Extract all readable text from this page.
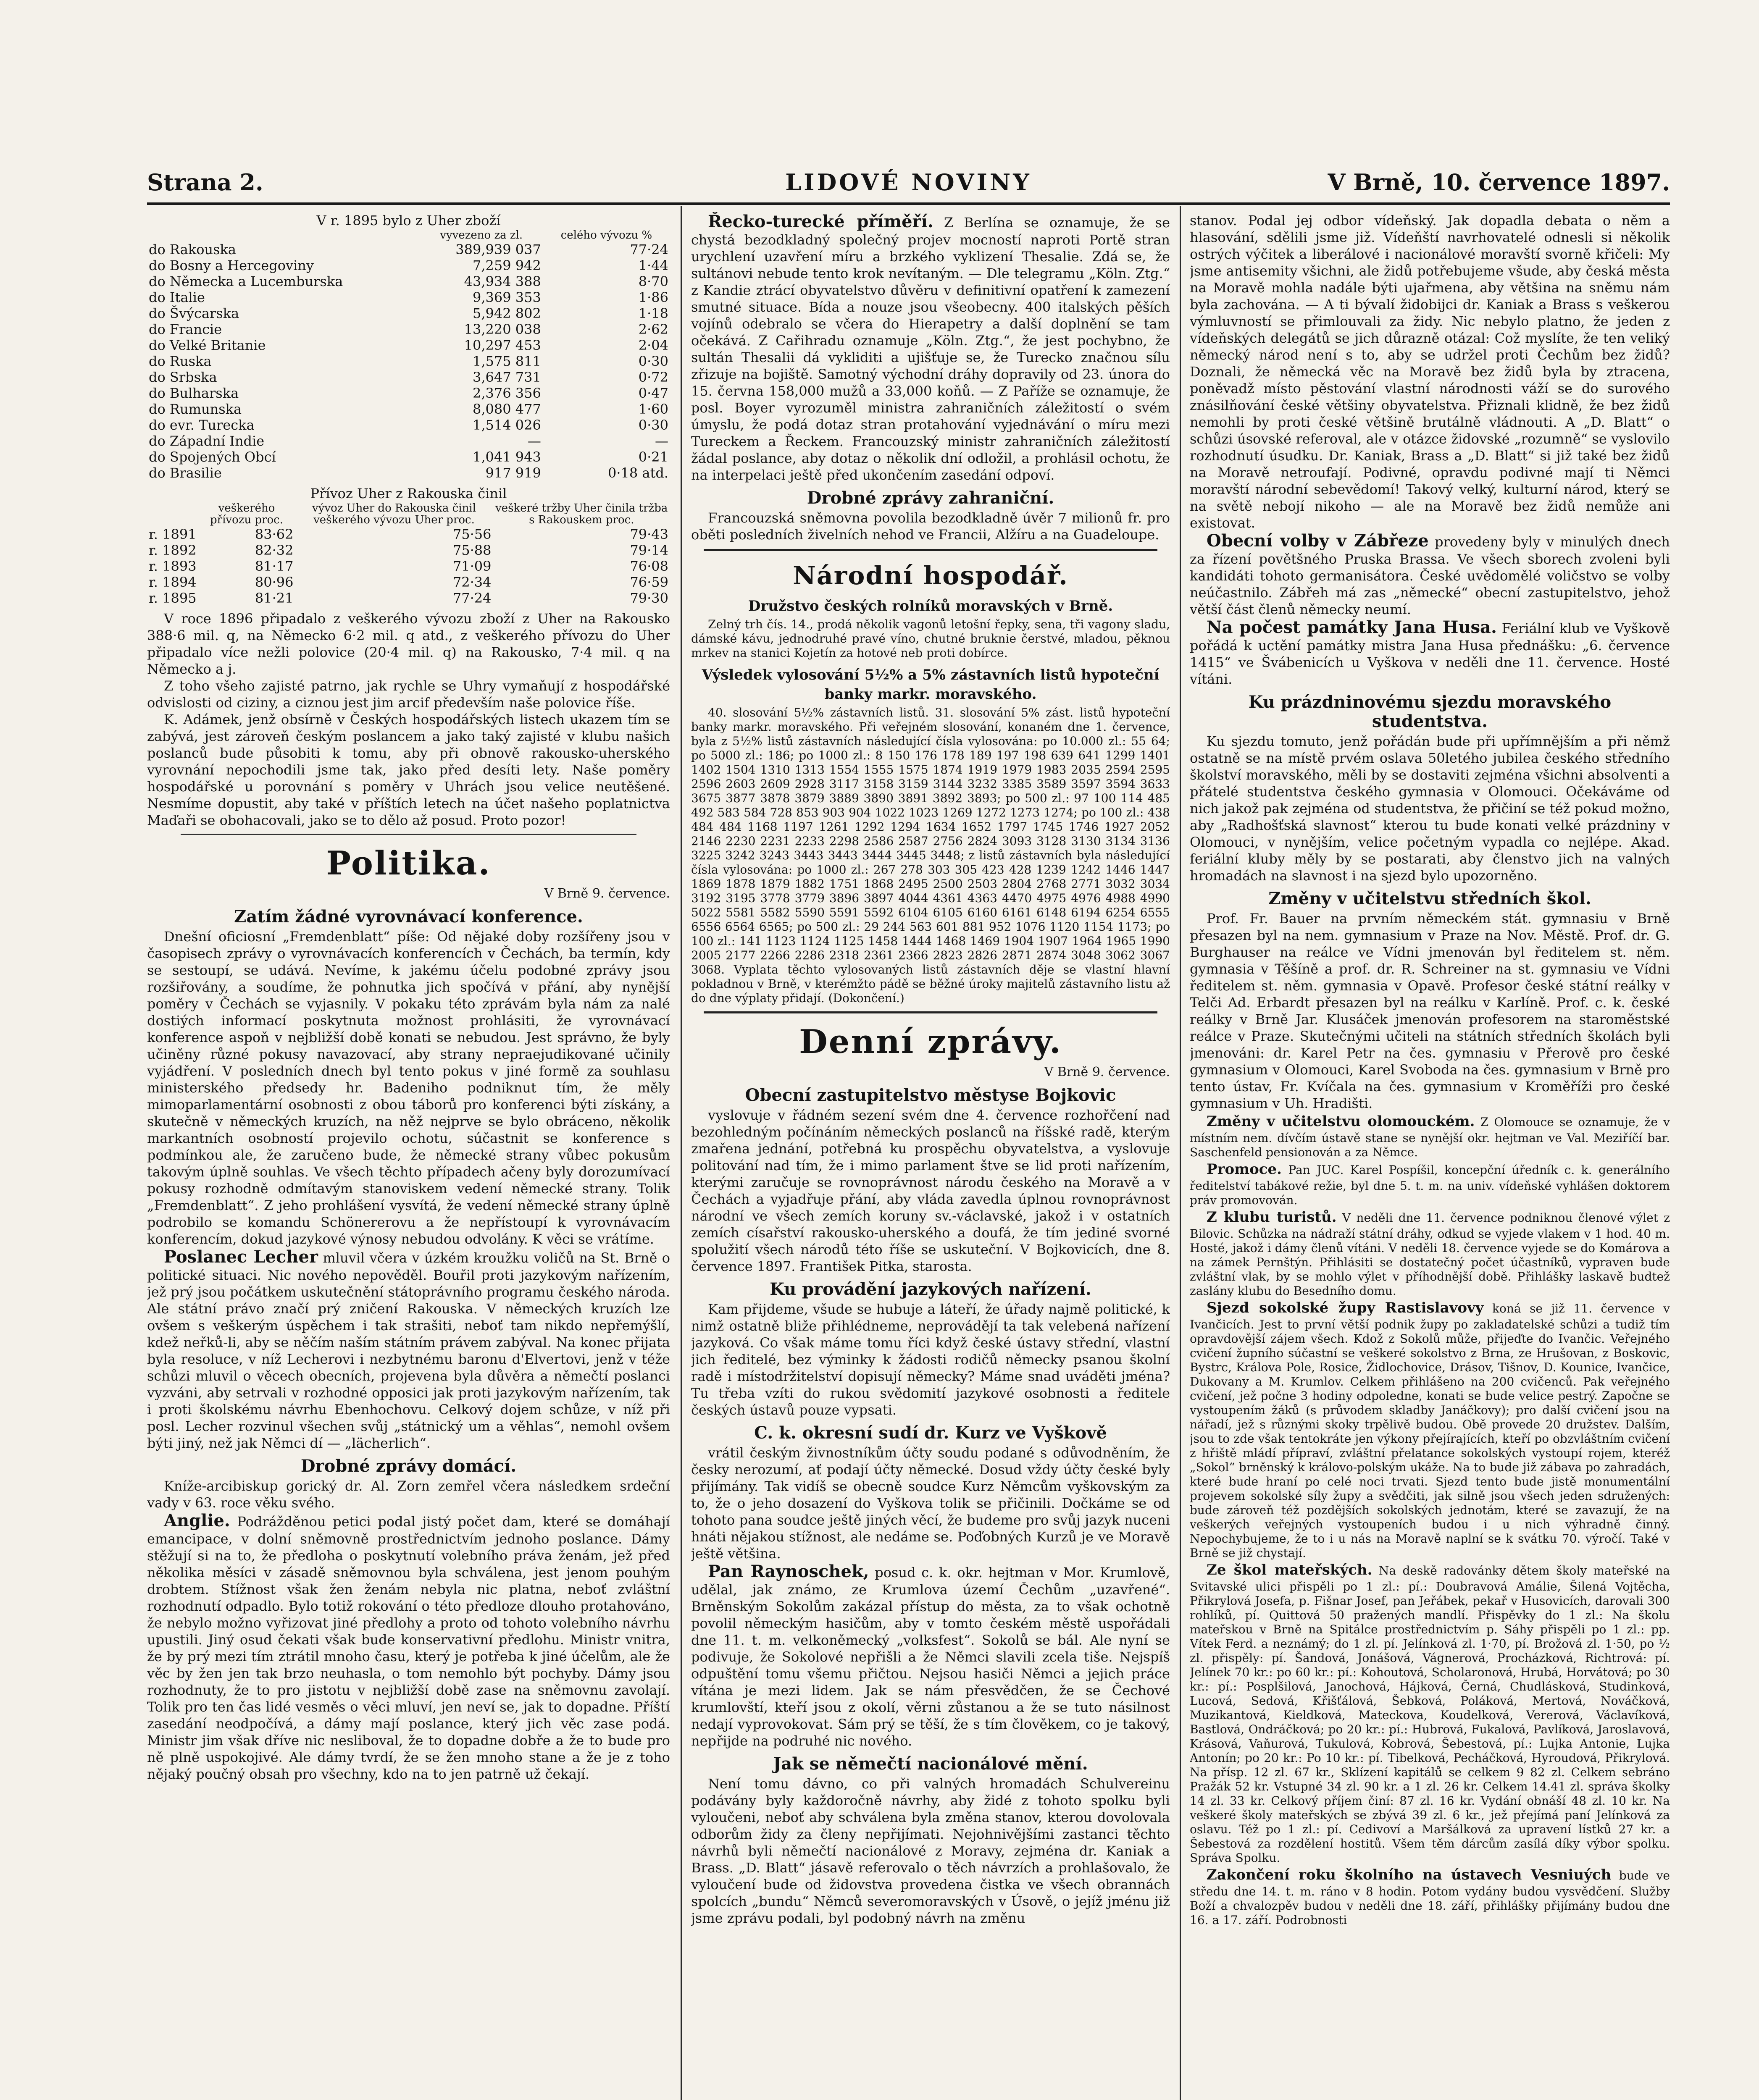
Strana 2.	LIDOVÉ NOVINY	V Brně, 10. července 1897.

V r. 1895 bylo z Uher zboží

	vyvezeno za zl.	celého vývozu %
do Rakouska	389,939 037	77·24
do Bosny a Hercegoviny	7,259 942	1·44
do Německa a Lucemburska	43,934 388	8·70
do Italie	9,369 353	1·86
do Švýcarska	5,942 802	1·18
do Francie	13,220 038	2·62
do Velké Britanie	10,297 453	2·04
do Ruska	1,575 811	0·30
do Srbska	3,647 731	0·72
do Bulharska	2,376 356	0·47
do Rumunska	8,080 477	1·60
do evr. Turecka	1,514 026	0·30
do Západní Indie	—	—
do Spojených Obcí	1,041 943	0·21
do Brasilie	917 919	0·18 atd.

Přívoz Uher z Rakouska činil

	veškerého přívozu proc.	vývoz Uher do Rakouska činil veškerého vývozu Uher proc.	veškeré tržby Uher činila tržba s Rakouskem proc.
r. 1891	83·62	75·56	79·43
r. 1892	82·32	75·88	79·14
r. 1893	81·17	71·09	76·08
r. 1894	80·96	72·34	76·59
r. 1895	81·21	77·24	79·30

V roce 1896 připadalo z veškerého vývozu zboží z Uher na Rakousko 388·6 mil. q, na Německo 6·2 mil. q atd., z veškerého přívozu do Uher připadalo více nežli polovice (20·4 mil. q) na Rakousko, 7·4 mil. q na Německo a j.

Z toho všeho zajisté patrno, jak rychle se Uhry vymaňují z hospodářské odvislosti od ciziny, a ciznou jest jim arcif především naše polovice říše.

K. Adámek, jenž obsírně v Českých hospodářských listech ukazem tím se zabývá, jest zároveň českým poslancem a jako taký zajisté v klubu našich poslanců bude působiti k tomu, aby při obnově rakousko-uherského vyrovnání nepochodili jsme tak, jako před desíti lety. Naše poměry hospodářské u porovnání s poměry v Uhrách jsou velice neutěšené. Nesmíme dopustit, aby také v příštích letech na účet našeho poplatnictva Maďaři se obohacovali, jako se to dělo až posud. Proto pozor!

Politika.
V Brně 9. července.
Zatím žádné vyrovnávací konference.

Dnešní oficiosní „Fremdenblatt“ píše: Od nějaké doby rozšířeny jsou v časopisech zprávy o vyrovnávacích konferencích v Čechách, ba termín, kdy se sestoupí, se udává. Nevíme, k jakému účelu podobné zprávy jsou rozšiřovány, a soudíme, že pohnutka jich spočívá v přání, aby nynější poměry v Čechách se vyjasnily. V pokaku této zprávám byla nám za nalé dostiých informací poskytnuta možnost prohlásiti, že vyrovnávací konference aspoň v nejbližší době konati se nebudou. Jest správno, že byly učiněny různé pokusy navazovací, aby strany nepraejudikované učinily vyjádření. V posledních dnech byl tento pokus v jiné formě za souhlasu ministerského předsedy hr. Badeniho podniknut tím, že měly mimoparlamentární osobnosti z obou táborů pro konferenci býti získány, a skutečně v německých kruzích, na něž nejprve se bylo obráceno, několik markantních osobností projevilo ochotu, súčastnit se konference s podmínkou ale, že zaručeno bude, že německé strany vůbec pokusům takovým úplně souhlas. Ve všech těchto případech ačeny byly dorozumívací pokusy rozhodně odmítavým stanoviskem vedení německé strany. Tolik „Fremdenblatt“. Z jeho prohlášení vysvítá, že vedení německé strany úplně podrobilo se komandu Schönererovu a že nepřístoupí k vyrovnávacím konferencím, dokud jazykové výnosy nebudou odvolány. K věci se vrátíme.

Poslanec Lecher mluvil včera v úzkém kroužku voličů na St. Brně o politické situaci. Nic nového nepověděl. Bouřil proti jazykovým nařízením, jež prý jsou počátkem uskutečnění státoprávního programu českého národa. Ale státní právo značí prý zničení Rakouska. V německých kruzích lze ovšem s veškerým úspěchem i tak strašiti, neboť tam nikdo nepřemýšlí, kdež neřků-li, aby se něčím naším státním právem zabýval. Na konec přijata byla resoluce, v níž Lecherovi i nezbytnému baronu d'Elvertovi, jenž v téže schůzi mluvil o věcech obecních, projevena byla důvěra a němečtí poslanci vyzváni, aby setrvali v rozhodné opposici jak proti jazykovým nařízením, tak i proti školskému návrhu Ebenhochovu. Celkový dojem schůze, v níž při posl. Lecher rozvinul všechen svůj „státnický um a věhlas“, nemohl ovšem býti jiný, než jak Němci dí — „lächerlich“.

Drobné zprávy domácí.

Kníže-arcibiskup gorický dr. Al. Zorn zemřel včera následkem srdeční vady v 63. roce věku svého.

Anglie. Podrážděnou petici podal jistý počet dam, které se domáhají emancipace, v dolní sněmovně prostřednictvím jednoho poslance. Dámy stěžují si na to, že předloha o poskytnutí volebního práva ženám, jež před několika měsíci v zásadě sněmovnou byla schválena, jest jenom pouhým drobtem. Stížnost však žen ženám nebyla nic platna, neboť zvláštní rozhodnutí odpadlo. Bylo totiž rokování o této předloze dlouho protahováno, že nebylo možno vyřizovat jiné předlohy a proto od tohoto volebního návrhu upustili. Jiný osud čekati však bude konservativní předlohu. Ministr vnitra, že by prý mezi tím ztrátil mnoho času, který je potřeba k jiné účelům, ale že věc by žen jen tak brzo neuhasla, o tom nemohlo být pochyby. Dámy jsou rozhodnuty, že to pro jistotu v nejbližší době zase na sněmovnu zavolají. Tolik pro ten čas lidé vesměs o věci mluví, jen neví se, jak to dopadne. Příští zasedání neodpočívá, a dámy mají poslance, který jich věc zase podá. Ministr jim však dříve nic nesliboval, že to dopadne dobře a že to bude pro ně plně uspokojivé. Ale dámy tvrdí, že se žen mnoho stane a že je z toho nějaký poučný obsah pro všechny, kdo na to jen patrně už čekají.

Řecko-turecké příměří. Z Berlína se oznamuje, že se chystá bezodkladný společný projev mocností naproti Portě stran urychlení uzavření míru a brzkého vyklizení Thesalie. Zdá se, že sultánovi nebude tento krok nevítaným. — Dle telegramu „Köln. Ztg.“ z Kandie ztrácí obyvatelstvo důvěru v definitivní opatření k zamezení smutné situace. Bída a nouze jsou všeobecny. 400 italských pěších vojínů odebralo se včera do Hierapetry a další doplnění se tam očekává. Z Cařihradu oznamuje „Köln. Ztg.“, že jest pochybno, že sultán Thesalii dá vykliditi a ujišťuje se, že Turecko značnou sílu zřizuje na bojiště. Samotný východní dráhy dopravily od 23. února do 15. června 158,000 mužů a 33,000 koňů. — Z Paříže se oznamuje, že posl. Boyer vyrozuměl ministra zahraničních záležitostí o svém úmyslu, že podá dotaz stran protahování vyjednávání o míru mezi Tureckem a Řeckem. Francouzský ministr zahraničních záležitostí žádal poslance, aby dotaz o několik dní odložil, a prohlásil ochotu, že na interpelaci ještě před ukončením zasedání odpoví.

Drobné zprávy zahraniční.

Francouzská sněmovna povolila bezodkladně úvěr 7 milionů fr. pro oběti posledních živelních nehod ve Francii, Alžíru a na Guadeloupe.

Národní hospodář.
Družstvo českých rolníků moravských v Brně.

Zelný trh čís. 14., prodá několik vagonů letošní řepky, sena, tři vagony sladu, dámské kávu, jednodruhé pravé víno, chutné bruknie čerstvé, mladou, pěknou mrkev na stanici Kojetín za hotové neb proti dobírce.

Výsledek vylosování 5½% a 5% zástavních listů hypoteční banky markr. moravského.

40. slosování 5½% zástavních listů. 31. slosování 5% zást. listů hypoteční banky markr. moravského. Při veřejném slosování, konaném dne 1. července, byla z 5½% listů zástavních následující čísla vylosována: po 10.000 zl.: 55 64; po 5000 zl.: 186; po 1000 zl.: 8 150 176 178 189 197 198 639 641 1299 1401 1402 1504 1310 1313 1554 1555 1575 1874 1919 1979 1983 2035 2594 2595 2596 2603 2609 2928 3117 3158 3159 3144 3232 3385 3589 3597 3594 3633 3675 3877 3878 3879 3889 3890 3891 3892 3893; po 500 zl.: 97 100 114 485 492 583 584 728 853 903 904 1022 1023 1269 1272 1273 1274; po 100 zl.: 438 484 484 1168 1197 1261 1292 1294 1634 1652 1797 1745 1746 1927 2052 2146 2230 2231 2233 2298 2586 2587 2756 2824 3093 3128 3130 3134 3136 3225 3242 3243 3443 3443 3444 3445 3448; z listů zástavních byla následující čísla vylosována: po 1000 zl.: 267 278 303 305 423 428 1239 1242 1446 1447 1869 1878 1879 1882 1751 1868 2495 2500 2503 2804 2768 2771 3032 3034 3192 3195 3778 3779 3896 3897 4044 4361 4363 4470 4975 4976 4988 4990 5022 5581 5582 5590 5591 5592 6104 6105 6160 6161 6148 6194 6254 6555 6556 6564 6565; po 500 zl.: 29 244 563 601 881 952 1076 1120 1154 1173; po 100 zl.: 141 1123 1124 1125 1458 1444 1468 1469 1904 1907 1964 1965 1990 2005 2177 2266 2286 2318 2361 2366 2823 2826 2871 2874 3048 3062 3067 3068. Vyplata těchto vylosovaných listů zástavních děje se vlastní hlavní pokladnou v Brně, v kterémžto pádě se běžné úroky majitelů zástavního listu až do dne výplaty přidají. (Dokončení.)

Denní zprávy.
V Brně 9. července.
Obecní zastupitelstvo městyse Bojkovic

vyslovuje v řádném sezení svém dne 4. července rozhořčení nad bezohledným počínáním německých poslanců na říšské radě, kterým zmařena jednání, potřebná ku prospěchu obyvatelstva, a vyslovuje politování nad tím, že i mimo parlament štve se lid proti nařízením, kterými zaručuje se rovnoprávnost národu českého na Moravě a v Čechách a vyjadřuje přání, aby vláda zavedla úplnou rovnoprávnost národní ve všech zemích koruny sv.-václavské, jakož i v ostatních zemích císařství rakousko-uherského a doufá, že tím jediné svorné spolužití všech národů této říše se uskuteční. V Bojkovicích, dne 8. července 1897. František Pitka, starosta.

Ku provádění jazykových nařízení.

Kam přijdeme, všude se hubuje a láteří, že úřady najmě politické, k nimž ostatně bliže přihlédneme, neprovádějí ta tak velebená nařízení jazyková. Co však máme tomu říci když české ústavy střední, vlastní jich ředitelé, bez výminky k žádosti rodičů německy psanou školní radě i místodržitelství dopisují německy? Máme snad uváděti jména? Tu třeba vzíti do rukou svědomití jazykové osobnosti a ředitele českých ústavů pouze vypsati.

C. k. okresní sudí dr. Kurz ve Vyškově

vrátil českým živnostníkům účty soudu podané s odůvodněním, že česky nerozumí, ať podají účty německé. Dosud vždy účty české byly přijímány. Tak vidíš se obecně soudce Kurz Němcům vyškovským za to, že o jeho dosazení do Vyškova tolik se přičinili. Dočkáme se od tohoto pana soudce ještě jiných věcí, že budeme pro svůj jazyk nuceni hnáti nějakou stížnost, ale nedáme se. Poďobných Kurzů je ve Moravě ještě většina.

Pan Raynoschek, posud c. k. okr. hejtman v Mor. Krumlově, udělal, jak známo, ze Krumlova území Čechům „uzavřené“. Brněnským Sokolům zakázal přístup do města, za to však ochotně povolil německým hasičům, aby v tomto českém městě uspořádali dne 11. t. m. velkoněmecký „volksfest“. Sokolů se bál. Ale nyní se podivuje, že Sokolové nepřišli a že Němci slavili zcela tiše. Nejspíš odpuštění tomu všemu přičtou. Nejsou hasiči Němci a jejich práce vítána je mezi lidem. Jak se nám přesvědčen, že se Čechové krumlovští, kteří jsou z okolí, věrni zůstanou a že se tuto násilnost nedají vyprovokovat. Sám prý se těší, že s tím člověkem, co je takový, nepřijde na podruhé nic nového.

Jak se němečtí nacionálové mění.

Není tomu dávno, co při valných hromadách Schulvereinu podávány byly každoročně návrhy, aby židé z tohoto spolku byli vyloučeni, neboť aby schválena byla změna stanov, kterou dovolovala odborům židy za členy nepřijímati. Nejohnivějšími zastanci těchto návrhů byli němečtí nacionálové z Moravy, zejména dr. Kaniak a Brass. „D. Blatt“ jásavě referovalo o těch návrzích a prohlašovalo, že vyloučení bude od židovstva provedena čistka ve všech obrannách spolcích „bundu“ Němců severomoravských v Úsově, o jejíž jménu již jsme zprávu podali, byl podobný návrh na změnu

stanov. Podal jej odbor vídeňský. Jak dopadla debata o něm a hlasování, sdělili jsme již. Vídeňští navrhovatelé odnesli si několik ostrých výčitek a liberálové i nacionálové moravští svorně křičeli: My jsme antisemity všichni, ale židů potřebujeme všude, aby česká města na Moravě mohla nadále býti ujařmena, aby většina na sněmu nám byla zachována. — A ti bývalí židobijci dr. Kaniak a Brass s veškerou výmluvností se přimlouvali za židy. Nic nebylo platno, že jeden z vídeňských delegátů se jich důrazně otázal: Což myslíte, že ten veliký německý národ není s to, aby se udržel proti Čechům bez židů? Doznali, že německá věc na Moravě bez židů byla by ztracena, poněvadž místo pěstování vlastní národnosti váží se do surového znásilňování české většiny obyvatelstva. Přiznali klidně, že bez židů nemohli by proti české většině brutálně vládnouti. A „D. Blatt“ o schůzi úsovské referoval, ale v otázce židovské „rozumně“ se vyslovilo rozhodnutí úsudku. Dr. Kaniak, Brass a „D. Blatt“ si již také bez židů na Moravě netroufají. Podivné, opravdu podivné mají ti Němci moravští národní sebevědomí! Takový velký, kulturní národ, který se na světě nebojí nikoho — ale na Moravě bez židů nemůže ani existovat.

Obecní volby v Zábřeze provedeny byly v minulých dnech za řízení povětšného Pruska Brassa. Ve všech sborech zvoleni byli kandidáti tohoto germanisátora. České uvědomělé voličstvo se volby neúčastnilo. Zábřeh má zas „německé“ obecní zastupitelstvo, jehož větší část členů německy neumí.

Na počest památky Jana Husa. Feriální klub ve Vyškově pořádá k uctění památky mistra Jana Husa přednášku: „6. července 1415“ ve Švábenicích u Vyškova v neděli dne 11. července. Hosté vítáni.

Ku prázdninovému sjezdu moravského studentstva.

Ku sjezdu tomuto, jenž pořádán bude při upřímnějším a při němž ostatně se na místě prvém oslava 50letého jubilea českého středního školství moravského, měli by se dostaviti zejména všichni absolventi a přátelé studentstva českého gymnasia v Olomouci. Očekáváme od nich jakož pak zejména od studentstva, že přičiní se též pokud možno, aby „Radhošťská slavnost“ kterou tu bude konati velké prázdniny v Olomouci, v nynějším, velice početným vypadla co nejlépe. Akad. feriální kluby měly by se postarati, aby členstvo jich na valných hromadách na slavnost i na sjezd bylo upozorněno.

Změny v učitelstvu středních škol.

Prof. Fr. Bauer na prvním německém stát. gymnasiu v Brně přesazen byl na nem. gymnasium v Praze na Nov. Městě. Prof. dr. G. Burghauser na reálce ve Vídni jmenován byl ředitelem st. něm. gymnasia v Těšíně a prof. dr. R. Schreiner na st. gymnasiu ve Vídni ředitelem st. něm. gymnasia v Opavě. Profesor české státní reálky v Telči Ad. Erbardt přesazen byl na reálku v Karlíně. Prof. c. k. české reálky v Brně Jar. Klusáček jmenován profesorem na staroměstské reálce v Praze. Skutečnými učiteli na státních středních školách byli jmenováni: dr. Karel Petr na čes. gymnasiu v Přerově pro české gymnasium v Olomouci, Karel Svoboda na čes. gymnasium v Brně pro tento ústav, Fr. Kvíčala na čes. gymnasium v Kroměříži pro české gymnasium v Uh. Hradišti.

Změny v učitelstvu olomouckém. Z Olomouce se oznamuje, že v místním nem. dívčím ústavě stane se nynější okr. hejtman ve Val. Meziříčí bar. Saschenfeld pensionován a za Němce.

Promoce. Pan JUC. Karel Pospíšil, koncepční úředník c. k. generálního ředitelství tabákové režie, byl dne 5. t. m. na univ. vídeňské vyhlášen doktorem práv promovován.

Z klubu turistů. V neděli dne 11. července podniknou členové výlet z Bilovic. Schůzka na nádraží státní dráhy, odkud se vyjede vlakem v 1 hod. 40 m. Hosté, jakož i dámy členů vítáni. V neděli 18. července vyjede se do Komárova a na zámek Pernštýn. Přihlásiti se dostatečný počet účastníků, vypraven bude zvláštní vlak, by se mohlo výlet v příhodnější době. Přihlášky laskavě budtež zaslány klubu do Besedního domu.

Sjezd sokolské župy Rastislavovy koná se již 11. července v Ivančicích. Jest to první větší podnik župy po zakladatelské schůzi a tudiž tím opravdovější zájem všech. Kdož z Sokolů může, přijeďte do Ivančic. Veřejného cvičení župního súčastní se veškeré sokolstvo z Brna, ze Hrušovan, z Boskovic, Bystrc, Králova Pole, Rosice, Židlochovice, Drásov, Tišnov, D. Kounice, Ivančice, Dukovany a M. Krumlov. Celkem přihlášeno na 200 cvičenců. Pak veřejného cvičení, jež počne 3 hodiny odpoledne, konati se bude velice pestrý. Započne se vystoupením žáků (s průvodem skladby Janáčkovy); pro další cvičení jsou na nářadí, jež s různými skoky trpělivě budou. Obě provede 20 družstev. Dalším, jsou to zde však tentokráte jen výkony přejírajících, kteří po obzvláštním cvičení z hřiště mládí přípraví, zvláštní přelatance sokolských vystoupí rojem, kteréž „Sokol“ brněnský k královo-polským ukáže. Na to bude již zábava po zahradách, které bude hraní po celé noci trvati. Sjezd tento bude jistě monumentální projevem sokolské síly župy a svědčiti, jak silně jsou všech jeden sdružených: bude zároveň též pozdějších sokolských jednotám, které se zavazují, že na veškerých veřejných vystoupeních budou i u nich výhradně činný. Nepochybujeme, že to i u nás na Moravě naplní se k svátku 70. výročí. Také v Brně se již chystají.

Ze škol mateřských. Na deskě radovánky dětem školy mateřské na Svitavské ulici přispěli po 1 zl.: pí.: Doubravová Amálie, Šilená Vojtěcha, Přikrylová Josefa, p. Fišnar Josef, pan Jeřábek, pekař v Husovicích, darovali 300 rohlíků, pí. Quittová 50 pražených mandlí. Přispěvky do 1 zl.: Na školu mateřskou v Brně na Spitálce prostřednictvím p. Sáhy přispěli po 1 zl.: pp. Vítek Ferd. a neznámý; do 1 zl. pí. Jelínková zl. 1·70, pí. Brožová zl. 1·50, po ½ zl. přispěly: pí. Šandová, Jonášová, Vágnerová, Procházková, Richtrová: pí. Jelínek 70 kr.: po 60 kr.: pí.: Kohoutová, Scholaronová, Hrubá, Horvátová; po 30 kr.: pí.: Posplšilová, Janochová, Hájková, Černá, Chudlásková, Studinková, Lucová, Sedová, Křišťálová, Šebková, Poláková, Mertová, Nováčková, Muzikantová, Kieldková, Mateckova, Koudelková, Vererová, Václavíková, Bastlová, Ondráčková; po 20 kr.: pí.: Hubrová, Fukalová, Pavlíková, Jaroslavová, Krásová, Vaňurová, Tukulová, Kobrová, Šebestová, pí.: Lujka Antonie, Lujka Antonín; po 20 kr.: Po 10 kr.: pí. Tibelková, Pecháčková, Hyroudová, Přikrylová. Na přísp. 12 zl. 67 kr., Sklízení kapitálů se celkem 9 82 zl. Celkem sebráno Pražák 52 kr. Vstupné 34 zl. 90 kr. a 1 zl. 26 kr. Celkem 14.41 zl. správa školky 14 zl. 33 kr. Celkový příjem činí: 87 zl. 16 kr. Vydání obnáší 48 zl. 10 kr. Na veškeré školy mateřských se zbývá 39 zl. 6 kr., jež přejímá paní Jelínková za oslavu. Též po 1 zl.: pí. Cedivoví a Maršálková za upravení lístků 27 kr. a Šebestová za rozdělení hostitů. Všem těm dárcům zasílá díky výbor spolku. Správa Spolku.

Zakončení roku školního na ústavech Vesniuých bude ve středu dne 14. t. m. ráno v 8 hodin. Potom vydány budou vysvědčení. Služby Boží a chvalozpěv budou v neděli dne 18. září, přihlášky přijímány budou dne 16. a 17. září. Podrobnosti
